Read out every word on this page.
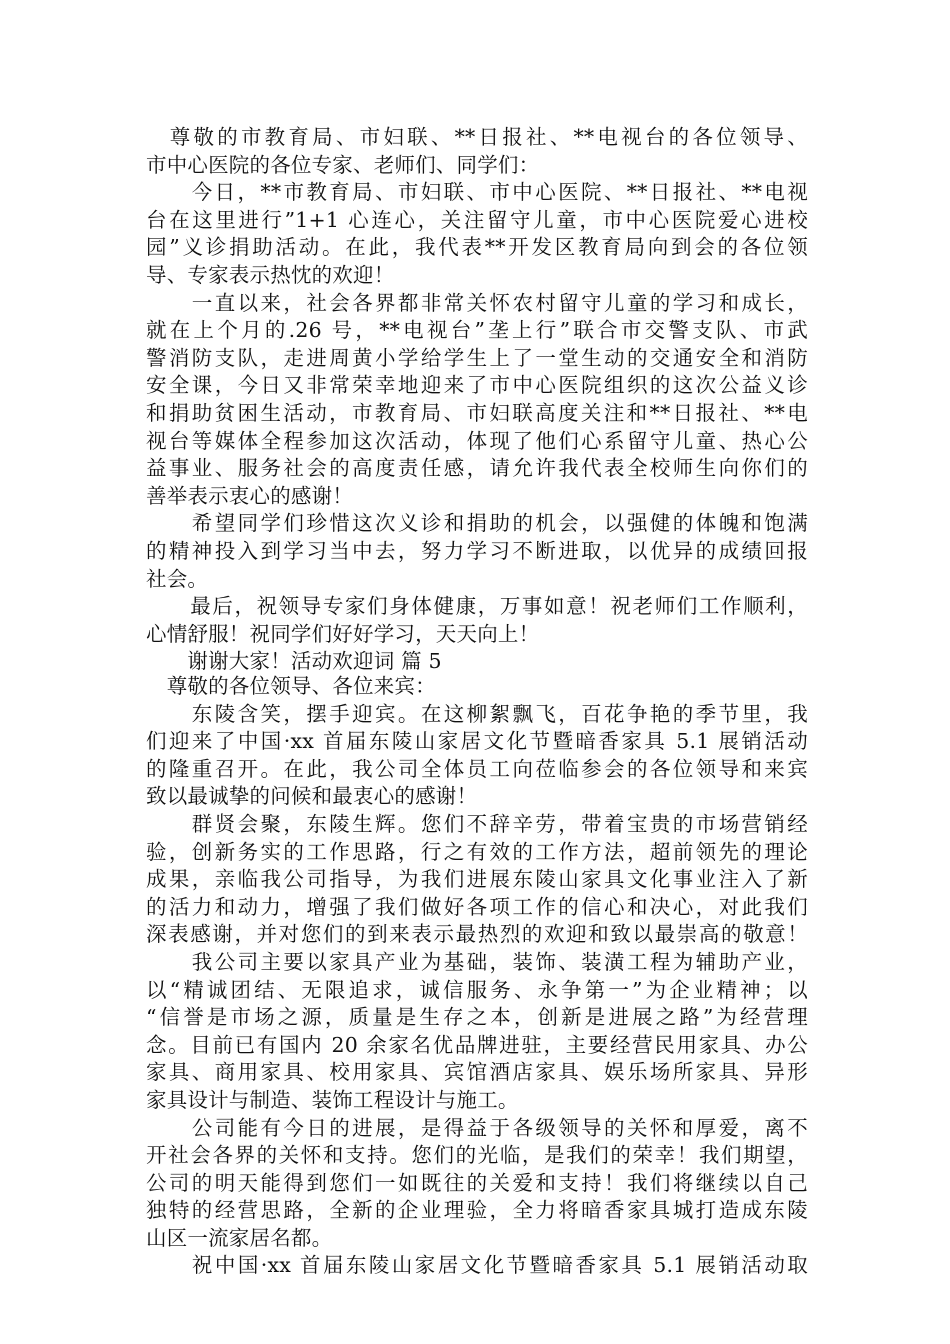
　尊敬的市教育局、市妇联、**日报社、**电视台的各位领导、
市中心医院的各位专家、老师们、同学们：
　　今日，**市教育局、市妇联、市中心医院、**日报社、**电视
台在这里进行”1+1 心连心，关注留守儿童，市中心医院爱心进校
园”义诊捐助活动。在此，我代表**开发区教育局向到会的各位领
导、专家表示热忱的欢迎！
　　一直以来，社会各界都非常关怀农村留守儿童的学习和成长，
就在上个月的.26 号，**电视台”垄上行”联合市交警支队、市武
警消防支队，走进周黄小学给学生上了一堂生动的交通安全和消防
安全课，今日又非常荣幸地迎来了市中心医院组织的这次公益义诊
和捐助贫困生活动，市教育局、市妇联高度关注和**日报社、**电
视台等媒体全程参加这次活动，体现了他们心系留守儿童、热心公
益事业、服务社会的高度责任感，请允许我代表全校师生向你们的
善举表示衷心的感谢！
　　希望同学们珍惜这次义诊和捐助的机会，以强健的体魄和饱满
的精神投入到学习当中去，努力学习不断进取，以优异的成绩回报
社会。
　　最后，祝领导专家们身体健康，万事如意！祝老师们工作顺利，
心情舒服！祝同学们好好学习，天天向上！
　　谢谢大家！活动欢迎词 篇 5
　尊敬的各位领导、各位来宾：
　　东陵含笑，摆手迎宾。在这柳絮飘飞，百花争艳的季节里，我
们迎来了中国·xx 首届东陵山家居文化节暨暗香家具 5.1 展销活动
的隆重召开。在此，我公司全体员工向莅临参会的各位领导和来宾
致以最诚挚的问候和最衷心的感谢！
　　群贤会聚，东陵生辉。您们不辞辛劳，带着宝贵的市场营销经
验，创新务实的工作思路，行之有效的工作方法，超前领先的理论
成果，亲临我公司指导，为我们进展东陵山家具文化事业注入了新
的活力和动力，增强了我们做好各项工作的信心和决心，对此我们
深表感谢，并对您们的到来表示最热烈的欢迎和致以最崇高的敬意！
　　我公司主要以家具产业为基础，装饰、装潢工程为辅助产业，
以“精诚团结、无限追求，诚信服务、永争第一”为企业精神；以
“信誉是市场之源，质量是生存之本，创新是进展之路”为经营理
念。目前已有国内 20 余家名优品牌进驻，主要经营民用家具、办公
家具、商用家具、校用家具、宾馆酒店家具、娱乐场所家具、异形
家具设计与制造、装饰工程设计与施工。
　　公司能有今日的进展，是得益于各级领导的关怀和厚爱，离不
开社会各界的关怀和支持。您们的光临，是我们的荣幸！我们期望，
公司的明天能得到您们一如既往的关爱和支持！我们将继续以自己
独特的经营思路，全新的企业理验，全力将暗香家具城打造成东陵
山区一流家居名都。
　　祝中国·xx 首届东陵山家居文化节暨暗香家具 5.1 展销活动取
